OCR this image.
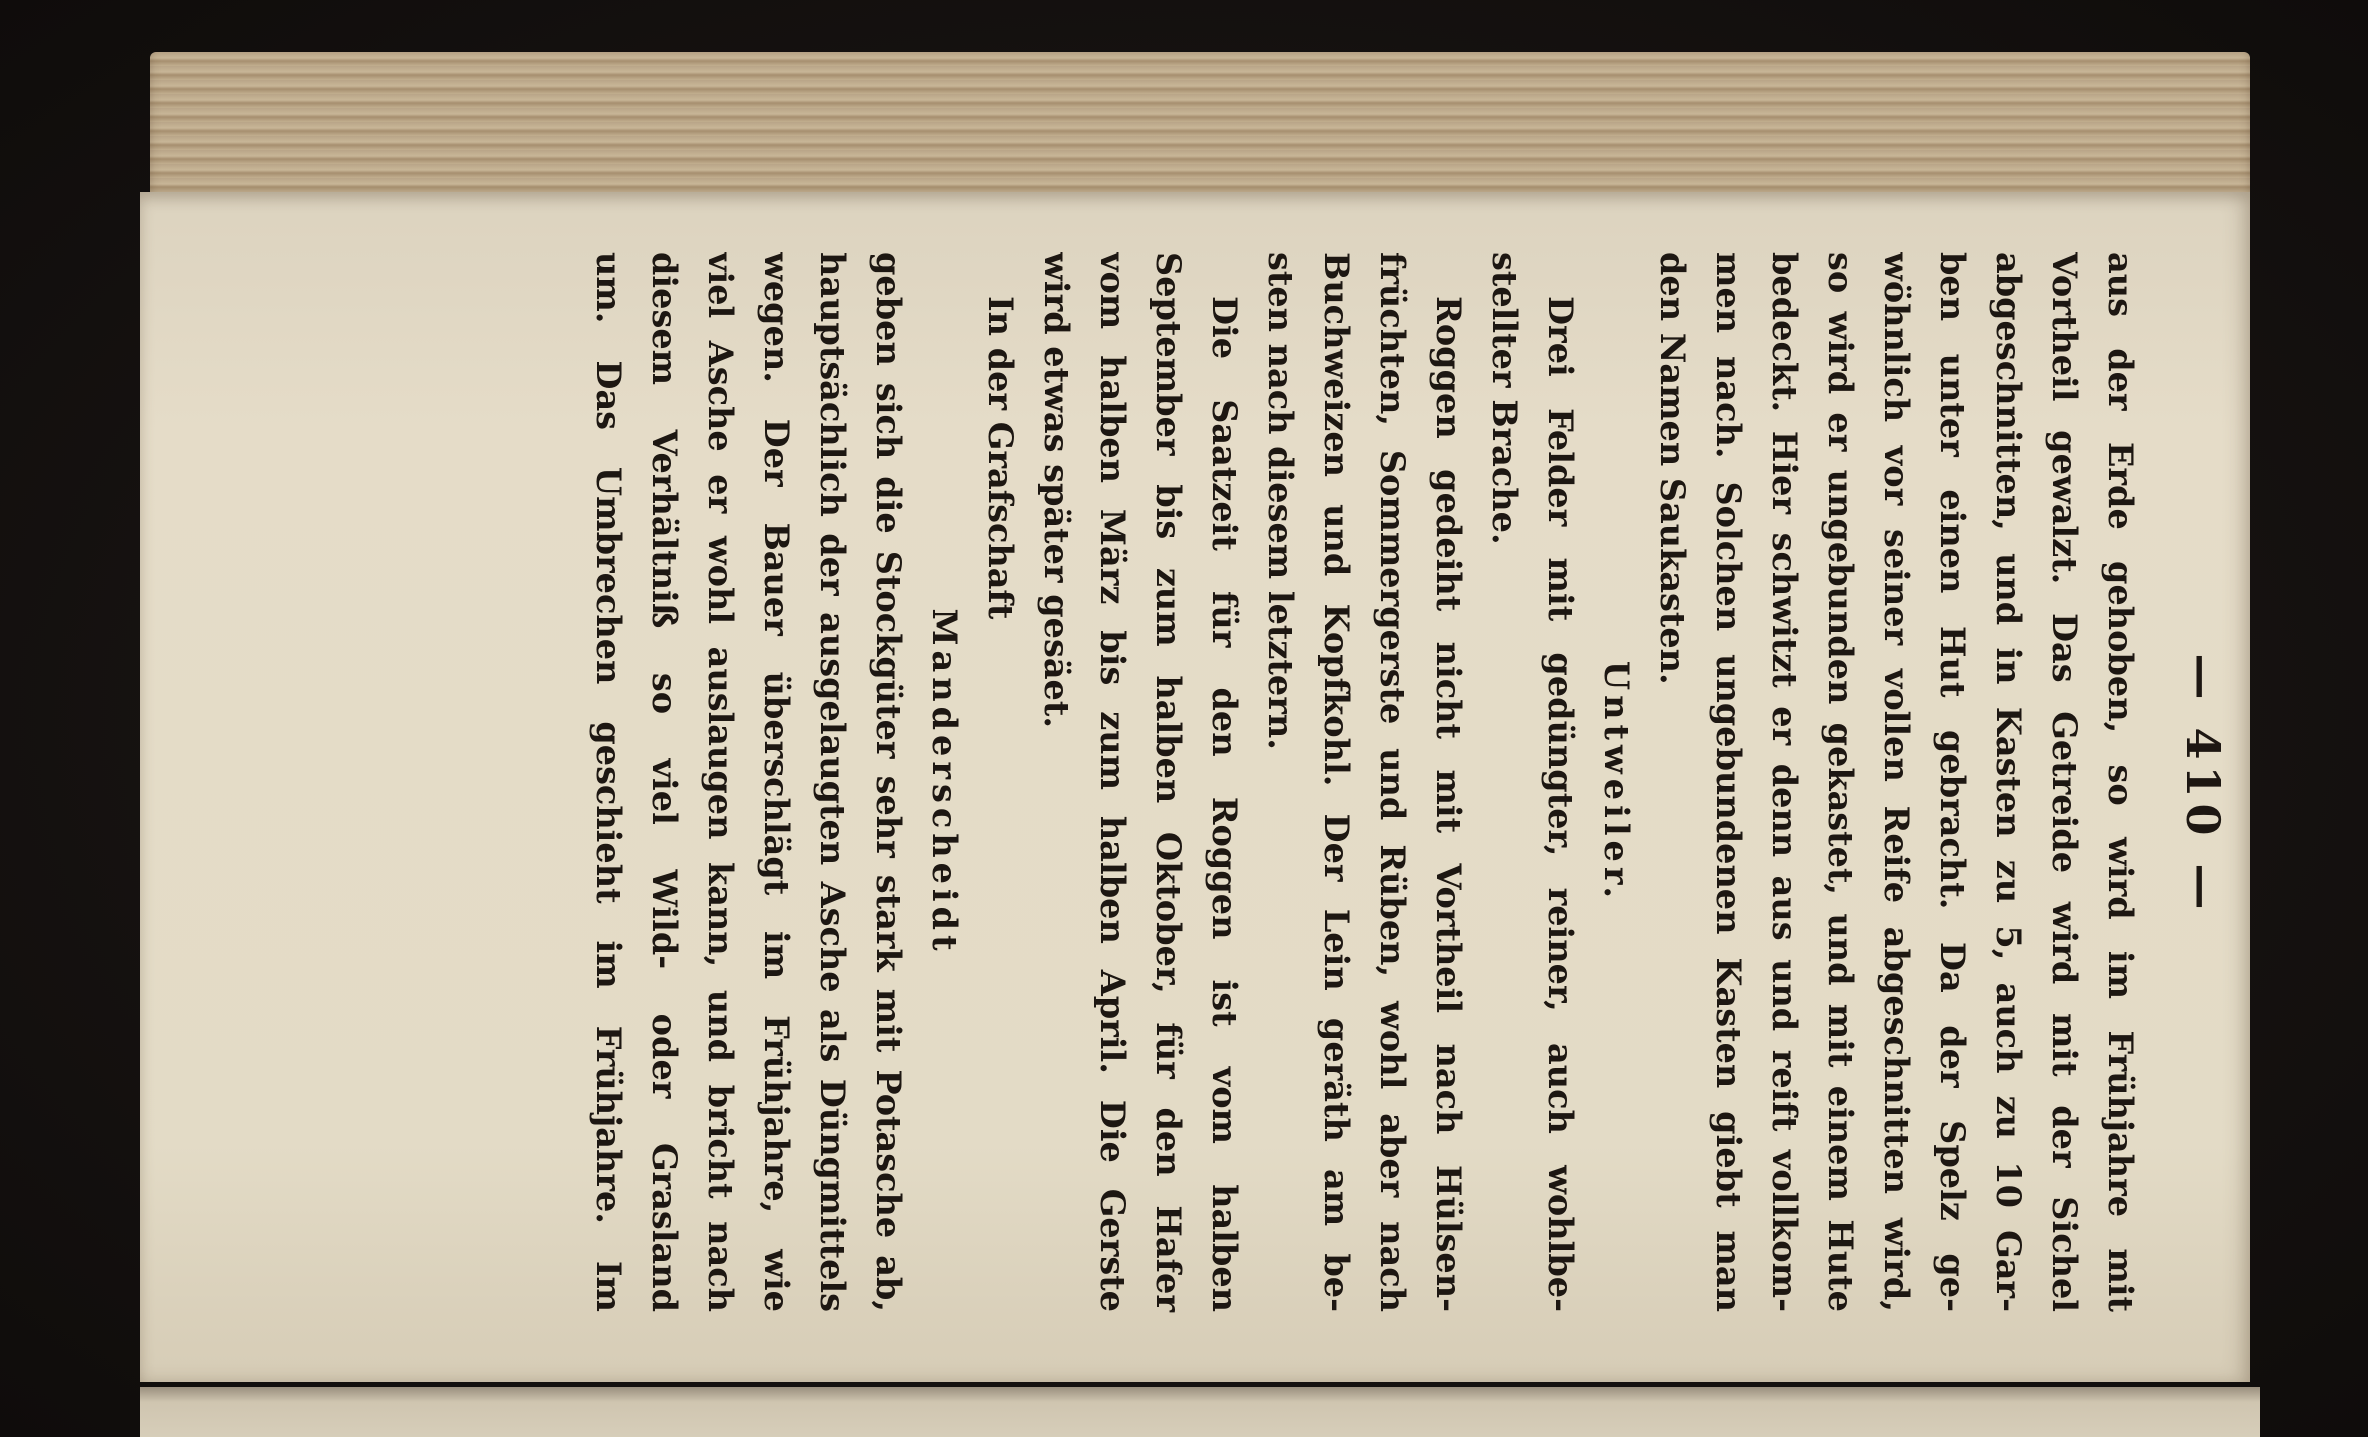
— 410 —
aus der Erde gehoben, so wird im Frühjahre mit
Vortheil gewalzt. Das Getreide wird mit der Sichel
abgeschnitten, und in Kasten zu 5, auch zu 10 Gar-
ben unter einen Hut gebracht. Da der Spelz ge-
wöhnlich vor seiner vollen Reife abgeschnitten wird,
so wird er ungebunden gekastet, und mit einem Hute
bedeckt. Hier schwitzt er denn aus und reift vollkom-
men nach. Solchen ungebundenen Kasten giebt man
den Namen Saukasten.
Untweiler.
Drei Felder mit gedüngter, reiner, auch wohlbe-
stellter Brache.
Roggen gedeiht nicht mit Vortheil nach Hülsen-
früchten, Sommergerste und Rüben, wohl aber nach
Buchweizen und Kopfkohl. Der Lein geräth am be-
sten nach diesem letztern.
Die Saatzeit für den Roggen ist vom halben
September bis zum halben Oktober, für den Hafer
vom halben März bis zum halben April. Die Gerste
wird etwas später gesäet.
In der Grafschaft
Manderscheidt
geben sich die Stockgüter sehr stark mit Potasche ab,
hauptsächlich der ausgelaugten Asche als Düngmittels
wegen. Der Bauer überschlägt im Frühjahre, wie
viel Asche er wohl auslaugen kann, und bricht nach
diesem Verhältniß so viel Wild- oder Grasland
um. Das Umbrechen geschieht im Frühjahre. Im
